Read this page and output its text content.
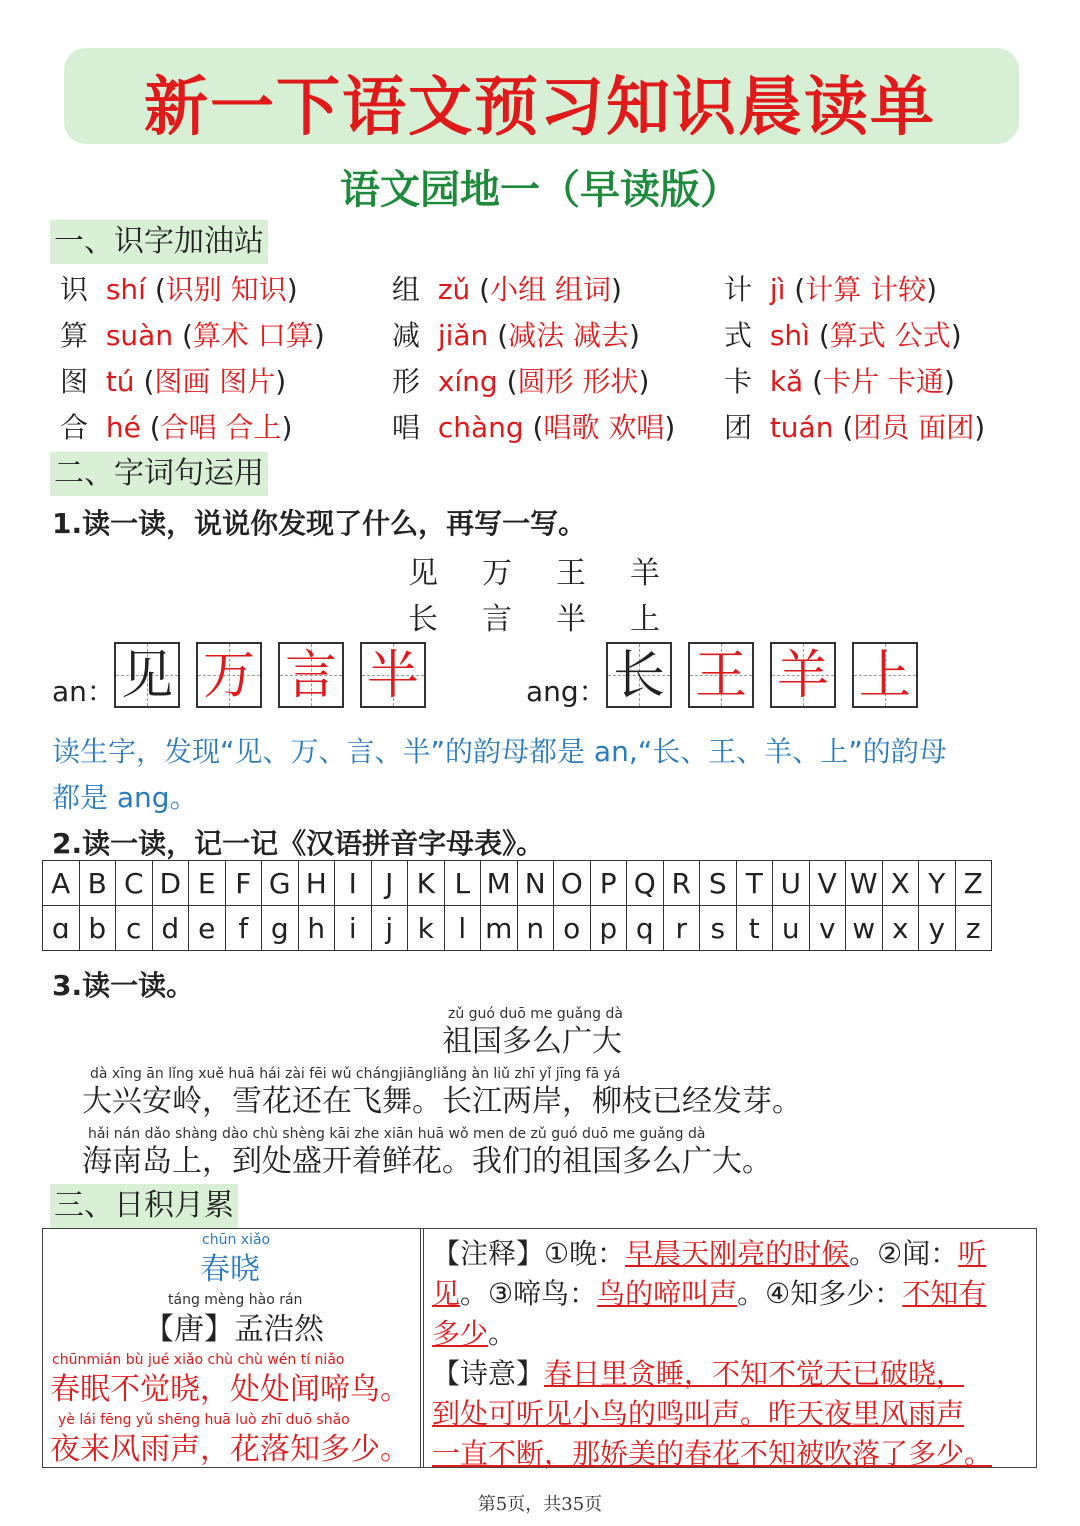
新一下语文预习知识晨读单
语文园地一（早读版）
一、识字加油站
识 shí (识别 知识)	组 zǔ (小组 组词)	计 jì (计算 计较)
算 suàn (算术 口算) 减 jiǎn (减法 减去)	式 shì (算式 公式)
图 tú (图画 图片)	形 xíng (圆形 形状)	卡 kǎ (卡片 卡通)
合 hé (合唱 合上)	唱 chàng (唱歌 欢唱) 团 tuán (团员 面团)
二、字词句运用
1.读一读，说说你发现了什么，再写一写。
见万王羊
长言半上
an：	ang：
见 万 言 半	长 王 羊 上
读生字，发现“见、万、言、半”的韵母都是 an,“长、王、羊、上”的韵母
都是 ang。
2.读一读，记一记《汉语拼音字母表》。
A	B	C	D	E	F	G	H	I	J	K	L	M	N	O	P	Q	R	S	T	U	V	W	X	Y	Z
ɑ	b	c	d	e	f	g	h	i	j	k	l	m	n	o	p	q	r	s	t	u	v	w	x	y	z
3.读一读。
zǔ guó duō me guǎng dà
祖国多么广大
dà xīng ān lǐng xuě huā hái zài fēi wǔ chángjiāngliǎng àn liǔ zhī yǐ jīng fā yá
大兴安岭，雪花还在飞舞。长江两岸，柳枝已经发芽。
hǎi nán dǎo shàng dào chù shèng kāi zhe xiān huā wǒ men de zǔ guó duō me guǎng dà
海南岛上，到处盛开着鲜花。我们的祖国多么广大。
三、日积月累
chūn xiǎo
春晓
táng mèng hào rán
【唐】孟浩然
chūnmián bù jué xiǎo chù chù wén tí niǎo
春眠不觉晓，处处闻啼鸟。
yè lái fēng yǔ shēng huā luò zhī duō shǎo
夜来风雨声，花落知多少。
【注释】①晚：早晨天刚亮的时候。②闻：听
见。③啼鸟：鸟的啼叫声。④知多少：不知有
多少。
【诗意】春日里贪睡，不知不觉天已破晓，
到处可听见小鸟的鸣叫声。昨天夜里风雨声
一直不断，那娇美的春花不知被吹落了多少。
第5页，共35页
